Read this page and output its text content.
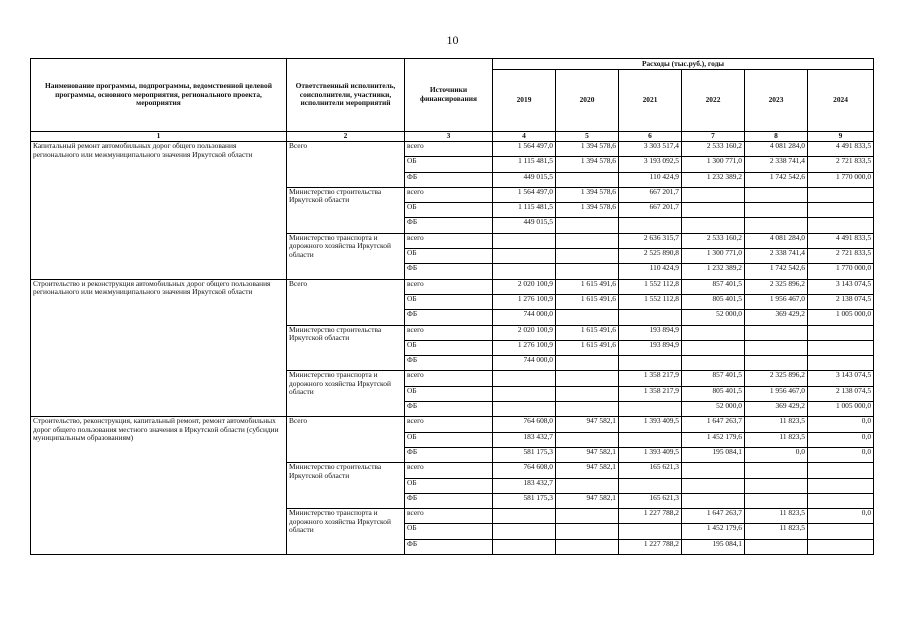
10
Наименование программы, подпрограммы, ведомственной целевой программы, основного мероприятия, регионального проекта, мероприятия	Ответственный исполнитель, соисполнители, участники, исполнители мероприятий	Источники финансирования	Расходы (тыс.руб.), годы					
			2019	2020	2021	2022	2023	2024
1	2	3	4	5	6	7	8	9
Капитальный ремонт автомобильных дорог общего пользования регионального или межмуниципального значения Иркутской области	Всего	всего	1 564 497,0	1 394 578,6	3 303 517,4	2 533 160,2	4 081 284,0	4 491 833,5
		ОБ	1 115 481,5	1 394 578,6	3 193 092,5	1 300 771,0	2 338 741,4	2 721 833,5
		ФБ	449 015,5		110 424,9	1 232 389,2	1 742 542,6	1 770 000,0
	Министерство строительства Иркутской области	всего	1 564 497,0	1 394 578,6	667 201,7			
		ОБ	1 115 481,5	1 394 578,6	667 201,7			
		ФБ	449 015,5					
	Министерство транспорта и дорожного хозяйства Иркутской области	всего			2 636 315,7	2 533 160,2	4 081 284,0	4 491 833,5
		ОБ			2 525 890,8	1 300 771,0	2 338 741,4	2 721 833,5
		ФБ			110 424,9	1 232 389,2	1 742 542,6	1 770 000,0
Строительство и реконструкция автомобильных дорог общего пользования регионального или межмуниципального значения Иркутской области	Всего	всего	2 020 100,9	1 615 491,6	1 552 112,8	857 401,5	2 325 896,2	3 143 074,5
		ОБ	1 276 100,9	1 615 491,6	1 552 112,8	805 401,5	1 956 467,0	2 138 074,5
		ФБ	744 000,0			52 000,0	369 429,2	1 005 000,0
	Министерство строительства Иркутской области	всего	2 020 100,9	1 615 491,6	193 894,9			
		ОБ	1 276 100,9	1 615 491,6	193 894,9			
		ФБ	744 000,0					
	Министерство транспорта и дорожного хозяйства Иркутской области	всего			1 358 217,9	857 401,5	2 325 896,2	3 143 074,5
		ОБ			1 358 217,9	805 401,5	1 956 467,0	2 138 074,5
		ФБ				52 000,0	369 429,2	1 005 000,0
Строительство, реконструкция, капитальный ремонт, ремонт автомобильных дорог общего пользования местного значения в Иркутской области (субсидии муниципальным образованиям)	Всего	всего	764 608,0	947 582,1	1 393 409,5	1 647 263,7	11 823,5	0,0
		ОБ	183 432,7			1 452 179,6	11 823,5	0,0
		ФБ	581 175,3	947 582,1	1 393 409,5	195 084,1	0,0	0,0
	Министерство строительства Иркутской области	всего	764 608,0	947 582,1	165 621,3			
		ОБ	183 432,7					
		ФБ	581 175,3	947 582,1	165 621,3			
	Министерство транспорта и дорожного хозяйства Иркутской области	всего			1 227 788,2	1 647 263,7	11 823,5	0,0
		ОБ				1 452 179,6	11 823,5	
		ФБ			1 227 788,2	195 084,1		
